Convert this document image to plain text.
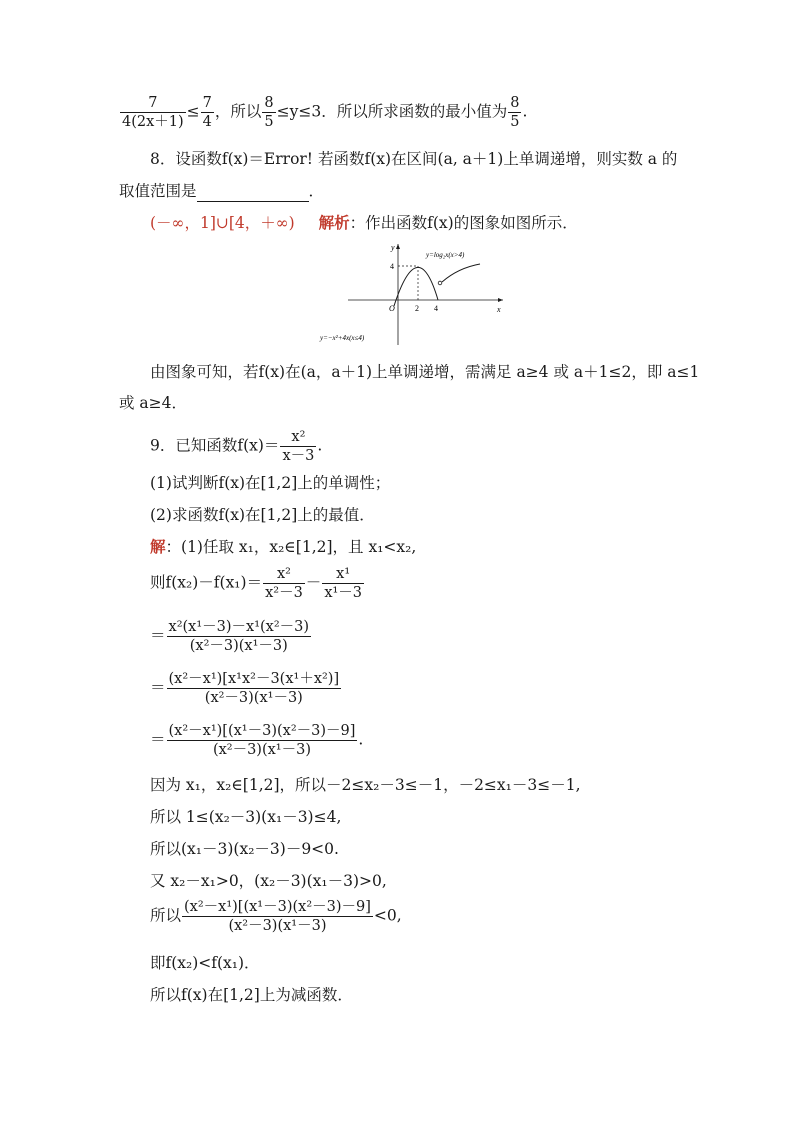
$\frac{7}{4(2x+1)} \le \frac{7}{4}$ ，所以 $\frac{8}{5} \le y\le 3$．所以所求函数的最小值为 $\frac{8}{5}$ .
8．设函数f(x)＝Error! 若函数f(x)在区间(a, a＋1)上单调递增，则实数 a 的
取值范围是	．
(－∞，1]∪[4，＋∞) 解析：作出函数f(x)的图象如图所示．
y
x
O	2 4
4
y=log₂x(x>4)
y=−x²+4x(x≤4)
由图象可知，若f(x)在(a，a＋1)上单调递增，需满足 a≥4 或 a＋1≤2，即 a≤1
或 a≥4．
9．已知函数$f(x)= \frac{\text{x²}}{x-3}$ .
(1)试判断f(x)在[1,2]上的单调性；
(2)求函数f(x)在[1,2]上的最值．
解：(1)任取 x₁，x₂∈[1,2]，且 x₁<x₂,
则$f(x_2)-f(x_1)= \frac{\text{x²}}{\text{x²－3}} - \frac{\text{x¹}}{\text{x¹－3}}$
＝ $\frac{\text{x²(x¹－3)－x¹(x²－3)}}{\text{(x²－3)(x¹－3)}}$
＝ $\frac{\text{(x²－x¹)[x¹x²－3(x¹＋x²)]}}{\text{(x²－3)(x¹－3)}}$
＝ $\frac{\text{(x²－x¹)[(x¹－3)(x²－3)－9]}}{\text{(x²－3)(x¹－3)}}$ .
因为 x₁，x₂∈[1,2]，所以－2≤x₂－3≤－1，－2≤x₁－3≤－1,
所以 1≤(x₂－3)(x₁－3)≤4,
所以(x₁－3)(x₂－3)－9<0.
又 x₂－x₁>0，(x₂－3)(x₁－3)>0,
所以 $\frac{\text{(x²－x¹)[(x¹－3)(x²－3)－9]}}{\text{(x²－3)(x¹－3)}} <0$,
即f(x₂)<f(x₁)．
所以f(x)在[1,2]上为减函数．
